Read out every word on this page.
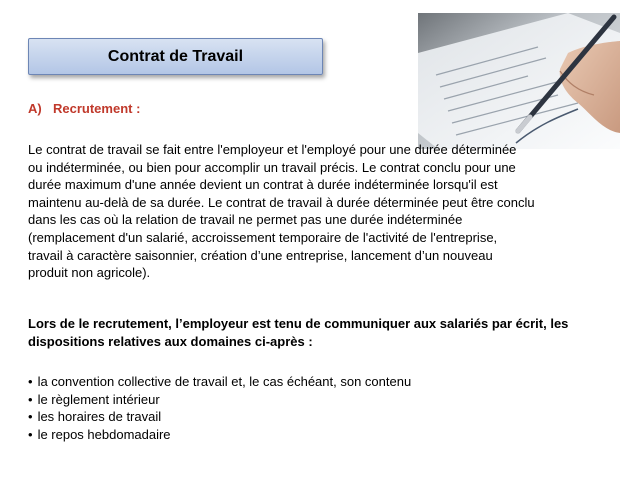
Contrat de Travail
A) Recrutement :
Le contrat de travail se fait entre l'employeur et l'employé pour une durée déterminée
ou indéterminée, ou bien pour accomplir un travail précis. Le contrat conclu pour une
durée maximum d'une année devient un contrat à durée indéterminée lorsqu'il est
maintenu au-delà de sa durée. Le contrat de travail à durée déterminée peut être conclu
dans les cas où la relation de travail ne permet pas une durée indéterminée
(remplacement d'un salarié, accroissement temporaire de l'activité de l'entreprise,
travail à caractère saisonnier, création d’une entreprise, lancement d’un nouveau
produit non agricole).
Lors de le recrutement, l’employeur est tenu de communiquer aux salariés par écrit, les
dispositions relatives aux domaines ci-après :
• la convention collective de travail et, le cas échéant, son contenu
• le règlement intérieur
• les horaires de travail
• le repos hebdomadaire
